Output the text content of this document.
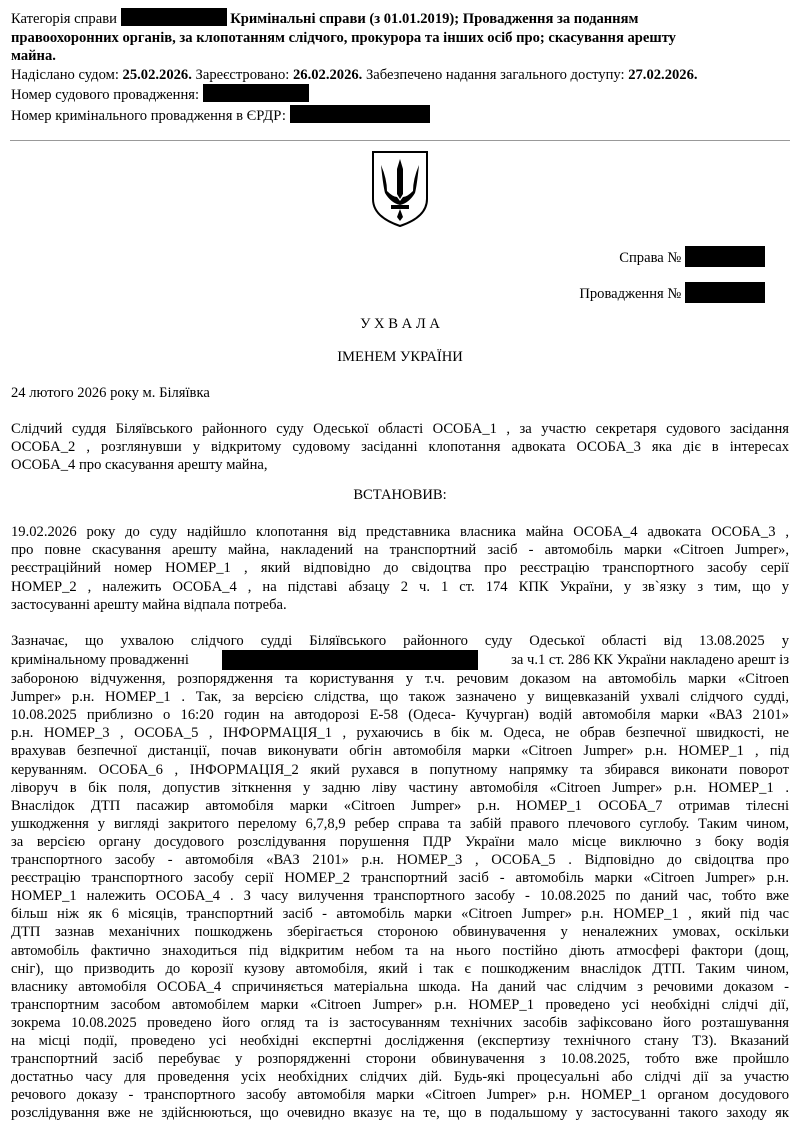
Категорія справи	Кримінальні справи (з 01.01.2019); Провадження за поданням
правоохоронних органів, за клопотанням слідчого, прокурора та інших осіб про; скасування арешту
майна.
Надіслано судом: 25.02.2026. Зареєстровано: 26.02.2026. Забезпечено надання загального доступу: 27.02.2026.
Номер судового провадження:
Номер кримінального провадження в ЄРДР:
Справа №
Провадження №
У Х В А Л А
ІМЕНЕМ УКРАЇНИ
24 лютого 2026 року м. Біляївка

Слідчий суддя Біляївського районного суду Одеської області ОСОБА_1 , за участю секретаря судового засідання

ОСОБА_2 , розглянувши у відкритому судовому засіданні клопотання адвоката ОСОБА_3 яка діє в інтересах

ОСОБА_4 про скасування арешту майна,

ВСТАНОВИВ:

19.02.2026 року до суду надійшло клопотання від представника власника майна ОСОБА_4 адвоката ОСОБА_3 ,

про повне скасування арешту майна, накладений на транспортний засіб - автомобіль марки «Citroen Jumper»,

реєстраційний номер НОМЕР_1 , який відповідно до свідоцтва про реєстрацію транспортного засобу серії

НОМЕР_2 , належить ОСОБА_4 , на підставі абзацу 2 ч. 1 ст. 174 КПК України, у зв`язку з тим, що у

застосуванні арешту майна відпала потреба.

Зазначає, що ухвалою слідчого судді Біляївського районного суду Одеської області від 13.08.2025 у

кримінальному провадженні	за ч.1 ст. 286 КК України накладено арешт із

забороною відчуження, розпорядження та користування у т.ч. речовим доказом на автомобіль марки «Citroen

Jumper» р.н. НОМЕР_1 . Так, за версією слідства, що також зазначено у вищевказаній ухвалі слідчого судді,

10.08.2025 приблизно о 16:20 годин на автодорозі Е-58 (Одеса- Кучурган) водій автомобіля марки «ВАЗ 2101»

р.н. НОМЕР_3 , ОСОБА_5 , ІНФОРМАЦІЯ_1 , рухаючись в бік м. Одеса, не обрав безпечної швидкості, не

врахував безпечної дистанції, почав виконувати обгін автомобіля марки «Citroen Jumper» р.н. НОМЕР_1 , під

керуванням. ОСОБА_6 , ІНФОРМАЦІЯ_2 який рухався в попутному напрямку та збирався виконати поворот

ліворуч в бік поля, допустив зіткнення у задню ліву частину автомобіля «Citroen Jumper» р.н. НОМЕР_1 .

Внаслідок ДТП пасажир автомобіля марки «Citroen Jumper» р.н. НОМЕР_1 ОСОБА_7 отримав тілесні

ушкодження у вигляді закритого перелому 6,7,8,9 ребер справа та забій правого плечового суглобу. Таким чином,

за версією органу досудового розслідування порушення ПДР України мало місце виключно з боку водія

транспортного засобу - автомобіля «ВАЗ 2101» р.н. НОМЕР_3 , ОСОБА_5 . Відповідно до свідоцтва про

реєстрацію транспортного засобу серії НОМЕР_2 транспортний засіб - автомобіль марки «Citroen Jumper» р.н.

НОМЕР_1 належить ОСОБА_4 . З часу вилучення транспортного засобу - 10.08.2025 по даний час, тобто вже

більш ніж як 6 місяців, транспортний засіб - автомобіль марки «Citroen Jumper» р.н. НОМЕР_1 , який під час

ДТП зазнав механічних пошкоджень зберігається стороною обвинувачення у неналежних умовах, оскільки

автомобіль фактично знаходиться під відкритим небом та на нього постійно діють атмосфері фактори (дощ,

сніг), що призводить до корозії кузову автомобіля, який і так є пошкодженим внаслідок ДТП. Таким чином,

власнику автомобіля ОСОБА_4 спричиняється матеріальна шкода. На даний час слідчим з речовими доказом -

транспортним засобом автомобілем марки «Citroen Jumper» р.н. НОМЕР_1 проведено усі необхідні слідчі дії,

зокрема 10.08.2025 проведено його огляд та із застосуванням технічних засобів зафіксовано його розташування

на місці події, проведено усі необхідні експертні дослідження (експертизу технічного стану ТЗ). Вказаний

транспортний засіб перебуває у розпорядженні сторони обвинувачення з 10.08.2025, тобто вже пройшло

достатньо часу для проведення усіх необхідних слідчих дій. Будь-які процесуальні або слідчі дії за участю

речового доказу - транспортного засобу автомобіля марки «Citroen Jumper» р.н. НОМЕР_1 органом досудового

розслідування вже не здійснюються, що очевидно вказує на те, що в подальшому у застосуванні такого заходу як
